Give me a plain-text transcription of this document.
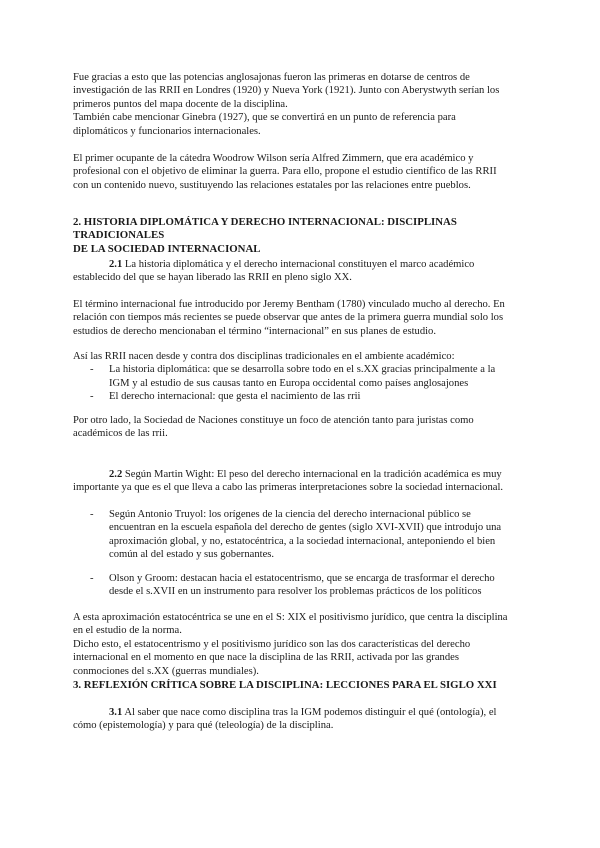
Fue gracias a esto que las potencias anglosajonas fueron las primeras en dotarse de centros de

investigación de las RRII en Londres (1920) y Nueva York (1921). Junto con Aberystwyth serían los

primeros puntos del mapa docente de la disciplina.

También cabe mencionar Ginebra (1927), que se convertirá en un punto de referencia para

diplomáticos y funcionarios internacionales.

El primer ocupante de la cátedra Woodrow Wilson sería Alfred Zimmern, que era académico y

profesional con el objetivo de eliminar la guerra. Para ello, propone el estudio científico de las RRII

con un contenido nuevo, sustituyendo las relaciones estatales por las relaciones entre pueblos.

2. HISTORIA DIPLOMÁTICA Y DERECHO INTERNACIONAL: DISCIPLINAS TRADICIONALES

DE LA SOCIEDAD INTERNACIONAL

2.1 La historia diplomática y el derecho internacional constituyen el marco académico

establecido del que se hayan liberado las RRII en pleno siglo XX.

El término internacional fue introducido por Jeremy Bentham (1780) vinculado mucho al derecho. En

relación con tiempos más recientes se puede observar que antes de la primera guerra mundial solo los

estudios de derecho mencionaban el término “internacional” en sus planes de estudio.

Así las RRII nacen desde y contra dos disciplinas tradicionales en el ambiente académico:

- La historia diplomática: que se desarrolla sobre todo en el s.XX gracias principalmente a la
IGM y al estudio de sus causas tanto en Europa occidental como países anglosajones
- El derecho internacional: que gesta el nacimiento de las rrii

Por otro lado, la Sociedad de Naciones constituye un foco de atención tanto para juristas como

académicos de las rrii.

2.2 Según Martin Wight: El peso del derecho internacional en la tradición académica es muy

importante ya que es el que lleva a cabo las primeras interpretaciones sobre la sociedad internacional.

- Según Antonio Truyol: los orígenes de la ciencia del derecho internacional público se
encuentran en la escuela española del derecho de gentes (siglo XVI-XVII) que introdujo una
aproximación global, y no, estatocéntrica, a la sociedad internacional, anteponiendo el bien
común al del estado y sus gobernantes.
- Olson y Groom: destacan hacia el estatocentrismo, que se encarga de trasformar el derecho
desde el s.XVII en un instrumento para resolver los problemas prácticos de los políticos

A esta aproximación estatocéntrica se une en el S: XIX el positivismo jurídico, que centra la disciplina

en el estudio de la norma.

Dicho esto, el estatocentrismo y el positivismo jurídico son las dos características del derecho

internacional en el momento en que nace la disciplina de las RRII, activada por las grandes

conmociones del s.XX (guerras mundiales).

3. REFLEXIÓN CRÍTICA SOBRE LA DISCIPLINA: LECCIONES PARA EL SIGLO XXI

3.1 Al saber que nace como disciplina tras la IGM podemos distinguir el qué (ontología), el

cómo (epistemología) y para qué (teleología) de la disciplina.
